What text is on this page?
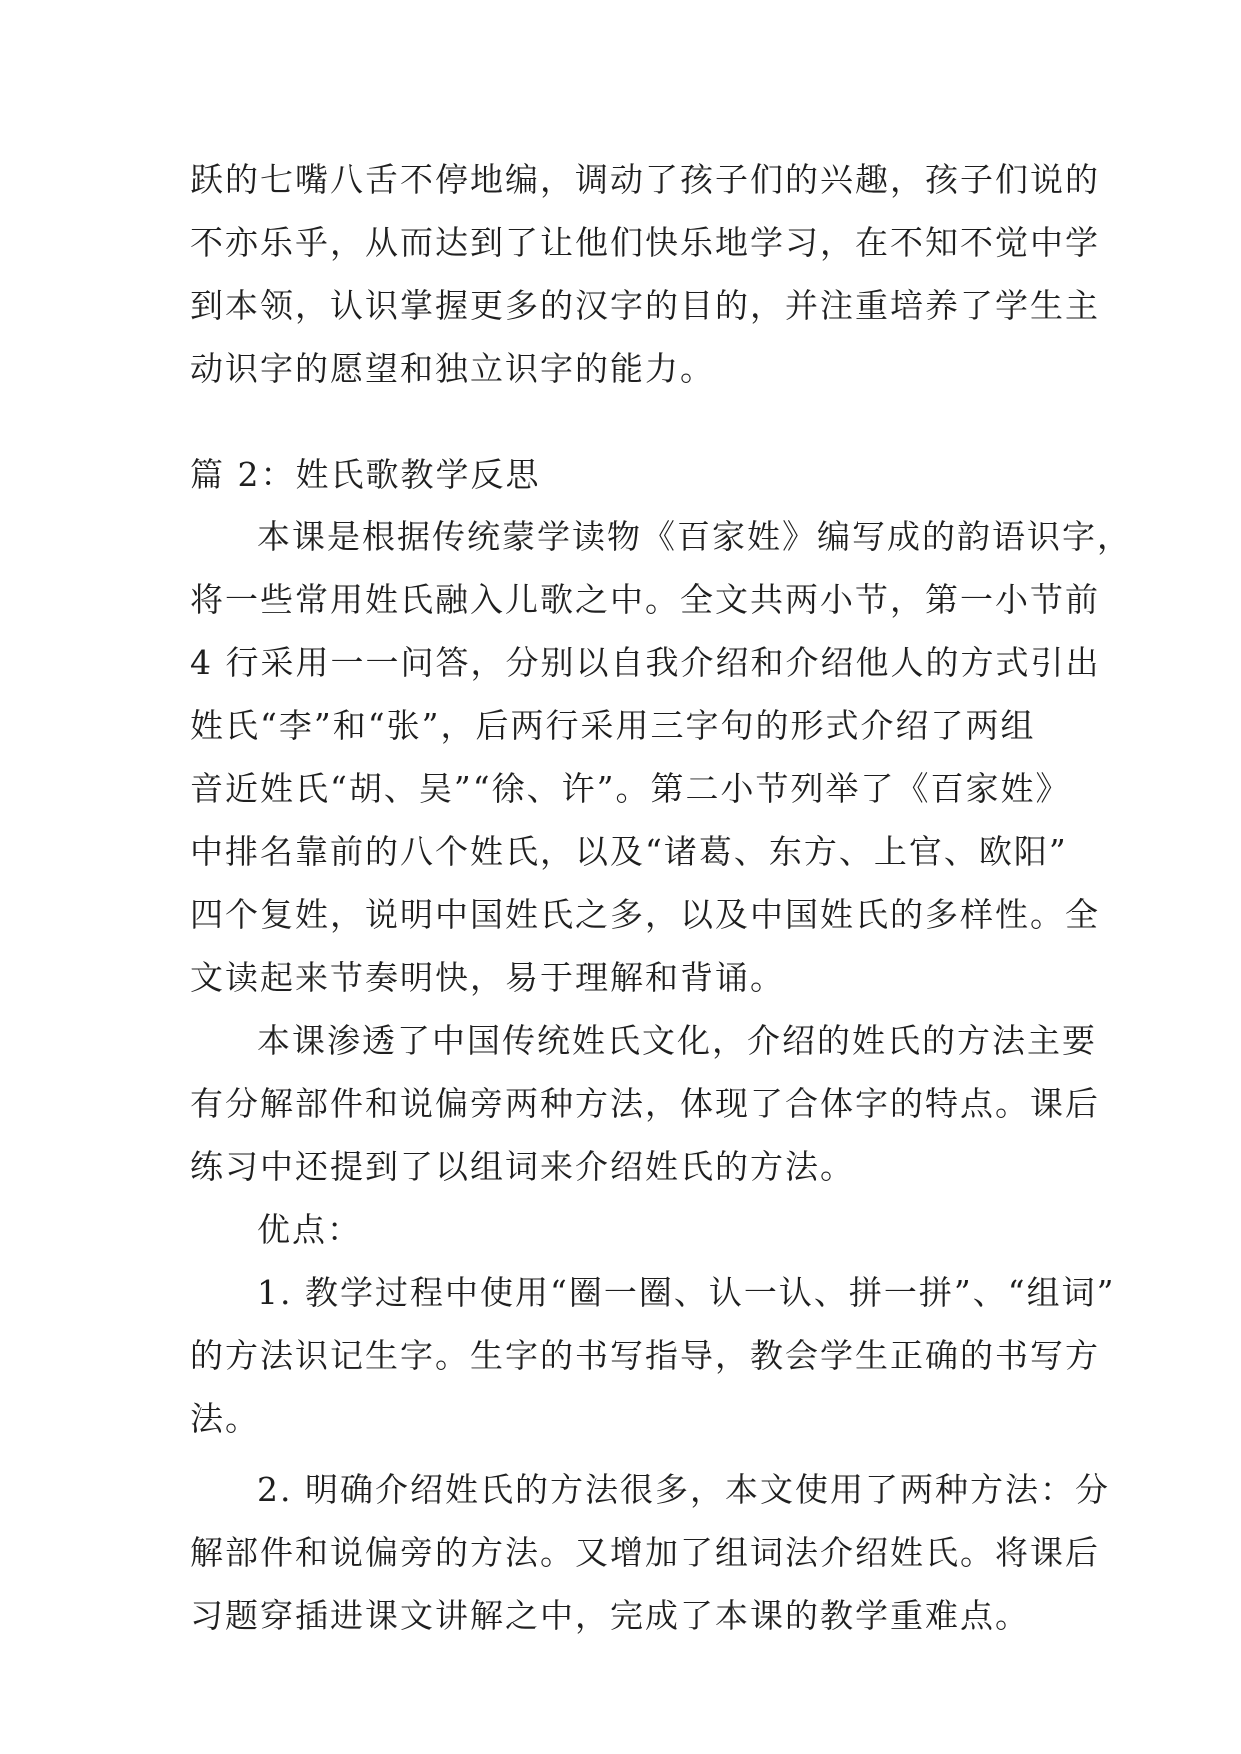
跃的七嘴八舌不停地编，调动了孩子们的兴趣，孩子们说的
不亦乐乎，从而达到了让他们快乐地学习，在不知不觉中学
到本领，认识掌握更多的汉字的目的，并注重培养了学生主
动识字的愿望和独立识字的能力。
篇 2：姓氏歌教学反思
本课是根据传统蒙学读物《百家姓》编写成的韵语识字，
将一些常用姓氏融入儿歌之中。全文共两小节，第一小节前
4 行采用一一问答，分别以自我介绍和介绍他人的方式引出
姓氏“李”和“张”，后两行采用三字句的形式介绍了两组
音近姓氏“胡、吴”“徐、许”。第二小节列举了《百家姓》
中排名靠前的八个姓氏，以及“诸葛、东方、上官、欧阳”
四个复姓，说明中国姓氏之多，以及中国姓氏的多样性。全
文读起来节奏明快，易于理解和背诵。
本课渗透了中国传统姓氏文化，介绍的姓氏的方法主要
有分解部件和说偏旁两种方法，体现了合体字的特点。课后
练习中还提到了以组词来介绍姓氏的方法。
优点：
1. 教学过程中使用“圈一圈、认一认、拼一拼”、“组词”
的方法识记生字。生字的书写指导，教会学生正确的书写方
法。
2. 明确介绍姓氏的方法很多，本文使用了两种方法：分
解部件和说偏旁的方法。又增加了组词法介绍姓氏。将课后
习题穿插进课文讲解之中，完成了本课的教学重难点。
